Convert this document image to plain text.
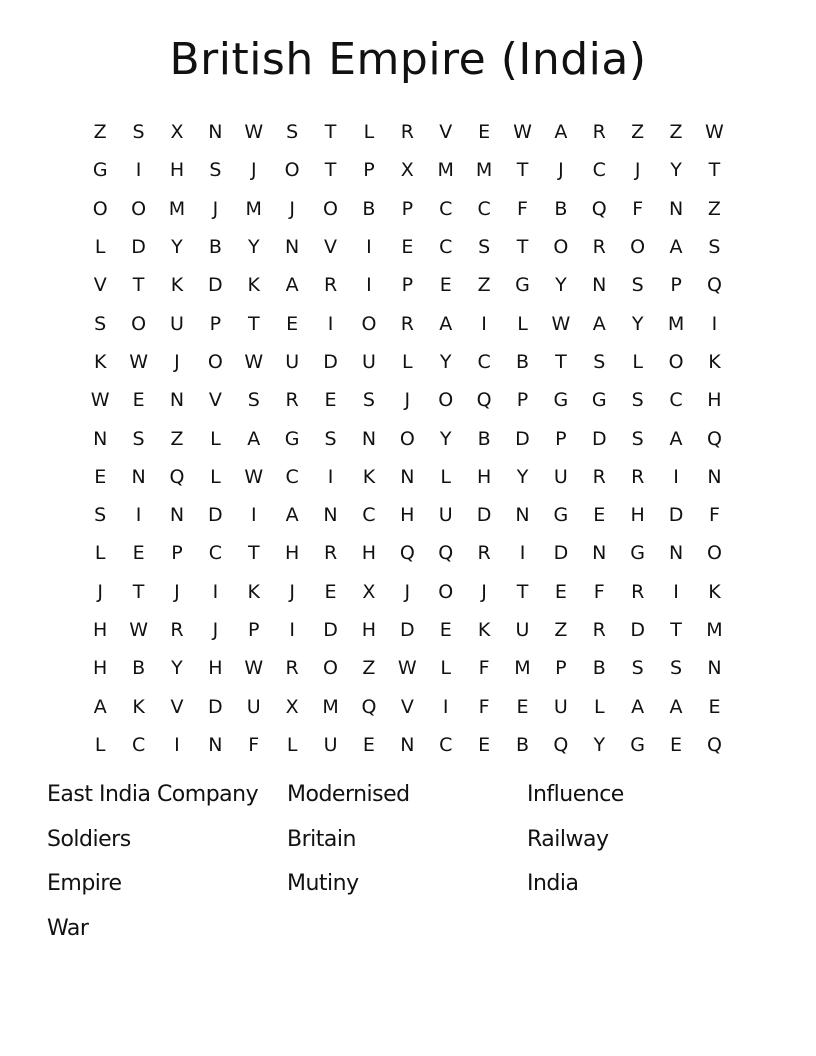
British Empire (India)
Z	S	X	N	W	S	T	L	R	V	E	W	A	R	Z	Z	W
G	I	H	S	J	O	T	P	X	M	M	T	J	C	J	Y	T
O	O	M	J	M	J	O	B	P	C	C	F	B	Q	F	N	Z
L	D	Y	B	Y	N	V	I	E	C	S	T	O	R	O	A	S
V	T	K	D	K	A	R	I	P	E	Z	G	Y	N	S	P	Q
S	O	U	P	T	E	I	O	R	A	I	L	W	A	Y	M	I
K	W	J	O	W	U	D	U	L	Y	C	B	T	S	L	O	K
W	E	N	V	S	R	E	S	J	O	Q	P	G	G	S	C	H
N	S	Z	L	A	G	S	N	O	Y	B	D	P	D	S	A	Q
E	N	Q	L	W	C	I	K	N	L	H	Y	U	R	R	I	N
S	I	N	D	I	A	N	C	H	U	D	N	G	E	H	D	F
L	E	P	C	T	H	R	H	Q	Q	R	I	D	N	G	N	O
J	T	J	I	K	J	E	X	J	O	J	T	E	F	R	I	K
H	W	R	J	P	I	D	H	D	E	K	U	Z	R	D	T	M
H	B	Y	H	W	R	O	Z	W	L	F	M	P	B	S	S	N
A	K	V	D	U	X	M	Q	V	I	F	E	U	L	A	A	E
L	C	I	N	F	L	U	E	N	C	E	B	Q	Y	G	E	Q
East India Company	Modernised	Influence
Soldiers	Britain	Railway
Empire	Mutiny	India
War
